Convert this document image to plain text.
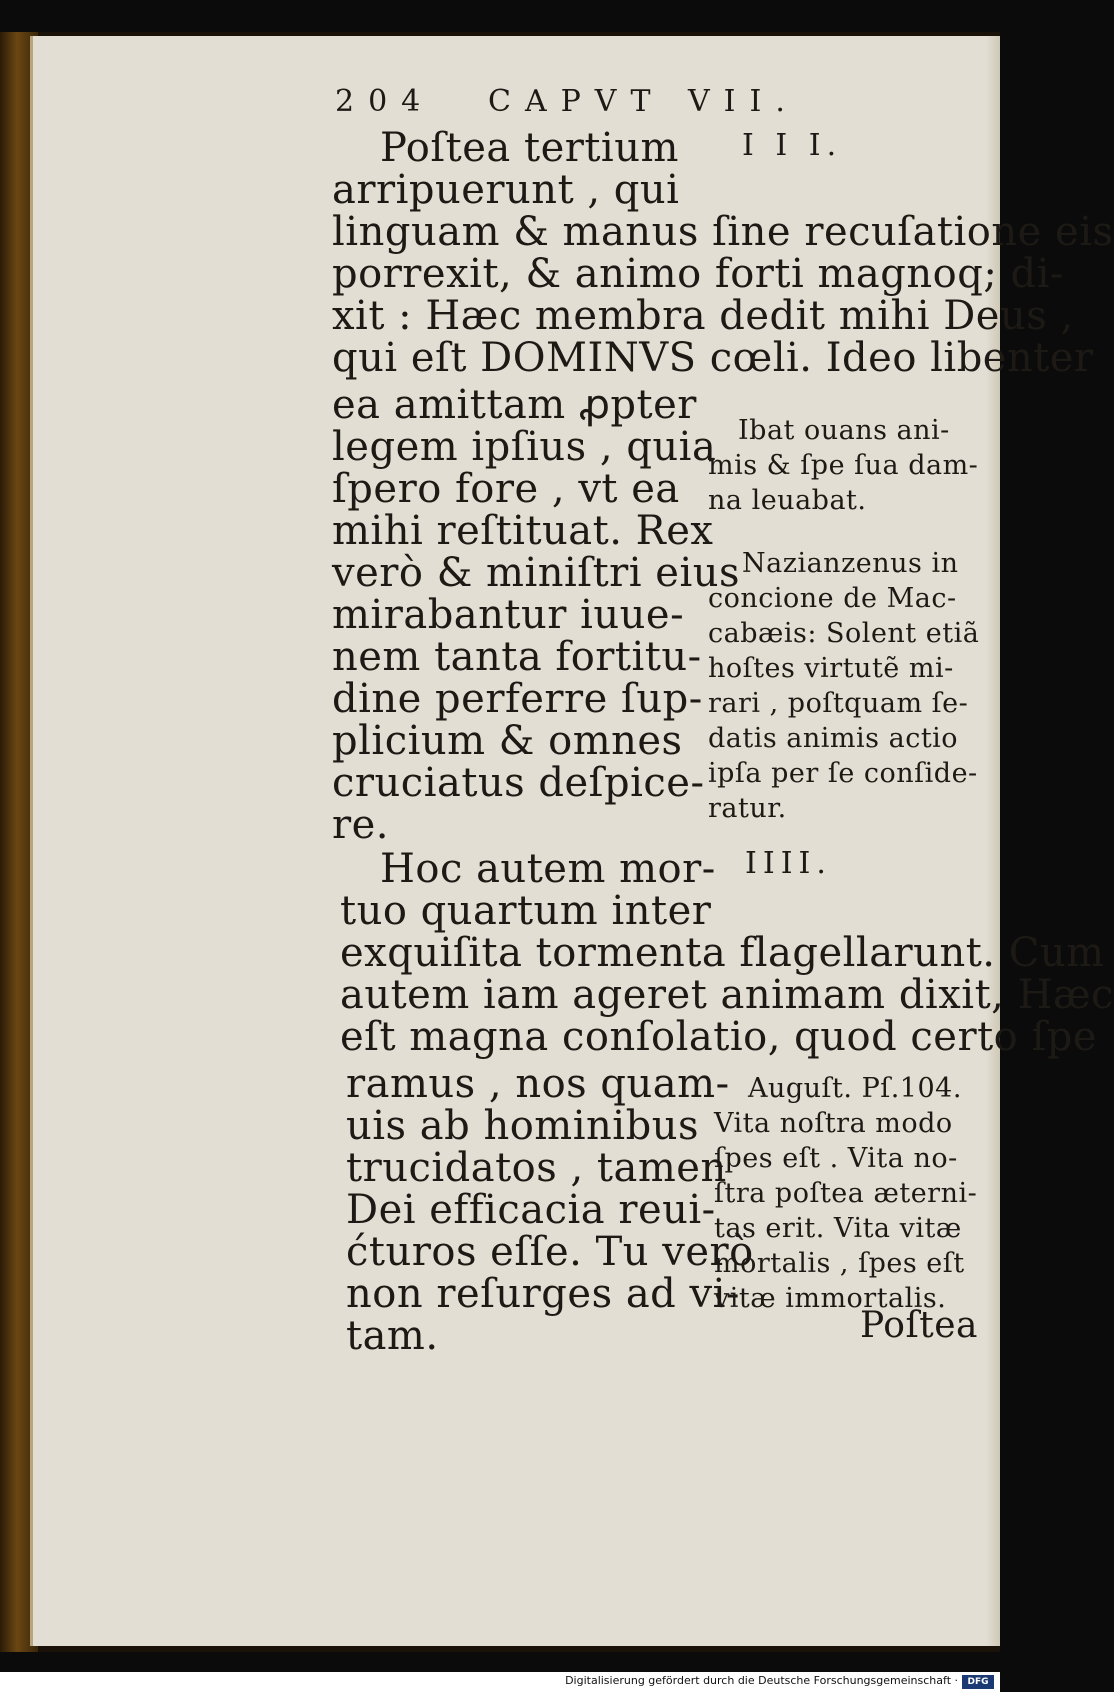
204 CAPVT VII.
I I I.
Poſtea tertium
arripuerunt , qui
linguam & manus ſine recuſatione eis
porrexit, & animo forti magnoq; di-
xit : Hæc membra dedit mihi Deus ,
qui eſt DOMINVS cœli. Ideo libenter
ea amittam ꝓpter
legem ipſius , quia
ſpero fore , vt ea
mihi reſtituat. Rex
verò & miniſtri eius
mirabantur iuue-
nem tanta fortitu-
dine perferre ſup-
plicium & omnes
cruciatus deſpice-
re.
IIII.
Hoc autem mor-
tuo quartum inter
exquiſita tormenta flagellarunt. Cum
autem iam ageret animam dixit, Hæc
eſt magna conſolatio, quod certo ſpe
ramus , nos quam-
uis ab hominibus
trucidatos , tamen
Dei efficacia reui-
ćturos eſſe. Tu verò
non reſurges ad vi-
tam.
Ibat ouans ani-
mis & ſpe ſua dam-
na leuabat.
Nazianzenus in
concione de Mac-
cabæis: Solent etiã
hoſtes virtutẽ mi-
rari , poſtquam ſe-
datis animis actio
ipſa per ſe conſide-
ratur.
Auguſt. Pſ.104.
Vita noſtra modo
ſpes eſt . Vita no-
ſtra poſtea æterni-
tas erit. Vita vitæ
mortalis , ſpes eſt
vitæ immortalis.
Poſtea
Digitalisierung gefördert durch die Deutsche Forschungsgemeinschaft ·	DFG
